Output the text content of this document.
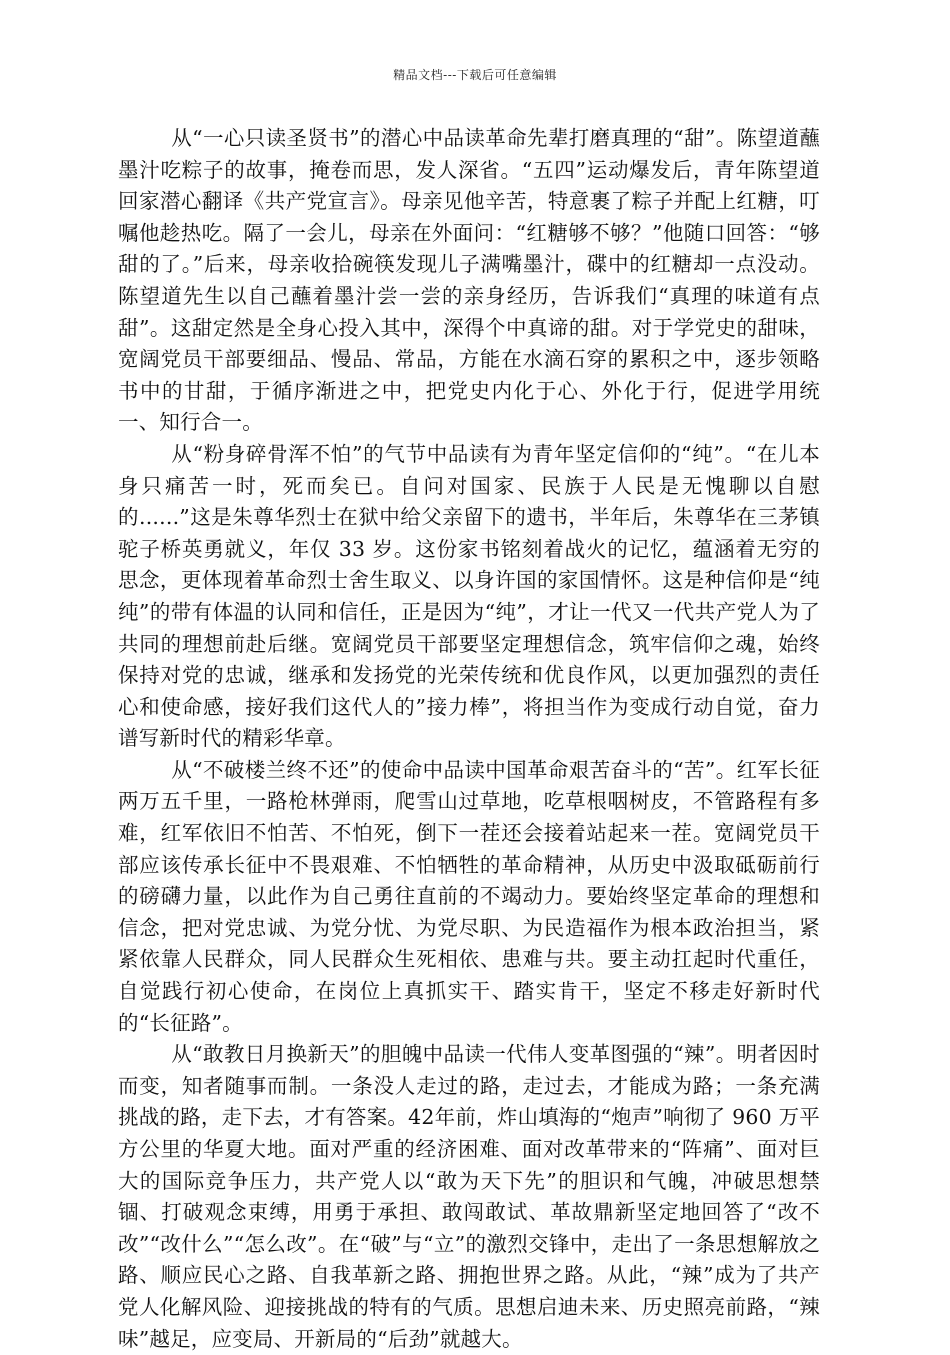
精品文档---下载后可任意编辑

从“一心只读圣贤书”的潜心中品读革命先辈打磨真理的“甜”。陈望道蘸墨汁吃粽子的故事，掩卷而思，发人深省。“五四”运动爆发后，青年陈望道回家潜心翻译《共产党宣言》。母亲见他辛苦，特意裹了粽子并配上红糖，叮嘱他趁热吃。隔了一会儿，母亲在外面问：“红糖够不够？”他随口回答：“够甜的了。”后来，母亲收拾碗筷发现儿子满嘴墨汁，碟中的红糖却一点没动。陈望道先生以自己蘸着墨汁尝一尝的亲身经历，告诉我们“真理的味道有点甜”。这甜定然是全身心投入其中，深得个中真谛的甜。对于学党史的甜味，宽阔党员干部要细品、慢品、常品，方能在水滴石穿的累积之中，逐步领略书中的甘甜，于循序渐进之中，把党史内化于心、外化于行，促进学用统一、知行合一。

从“粉身碎骨浑不怕”的气节中品读有为青年坚定信仰的“纯”。“在儿本身只痛苦一时，死而矣已。自问对国家、民族于人民是无愧聊以自慰的......”这是朱尊华烈士在狱中给父亲留下的遗书，半年后，朱尊华在三茅镇驼子桥英勇就义，年仅 33 岁。这份家书铭刻着战火的记忆，蕴涵着无穷的思念，更体现着革命烈士舍生取义、以身许国的家国情怀。这是种信仰是“纯纯”的带有体温的认同和信任，正是因为“纯”，才让一代又一代共产党人为了共同的理想前赴后继。宽阔党员干部要坚定理想信念，筑牢信仰之魂，始终保持对党的忠诚，继承和发扬党的光荣传统和优良作风，以更加强烈的责任心和使命感，接好我们这代人的”接力棒”，将担当作为变成行动自觉，奋力谱写新时代的精彩华章。

从“不破楼兰终不还”的使命中品读中国革命艰苦奋斗的“苦”。红军长征两万五千里，一路枪林弹雨，爬雪山过草地，吃草根咽树皮，不管路程有多难，红军依旧不怕苦、不怕死，倒下一茬还会接着站起来一茬。宽阔党员干部应该传承长征中不畏艰难、不怕牺牲的革命精神，从历史中汲取砥砺前行的磅礴力量，以此作为自己勇往直前的不竭动力。要始终坚定革命的理想和信念，把对党忠诚、为党分忧、为党尽职、为民造福作为根本政治担当，紧紧依靠人民群众，同人民群众生死相依、患难与共。要主动扛起时代重任，自觉践行初心使命，在岗位上真抓实干、踏实肯干，坚定不移走好新时代的“长征路”。

从“敢教日月换新天”的胆魄中品读一代伟人变革图强的“辣”。明者因时而变，知者随事而制。一条没人走过的路，走过去，才能成为路；一条充满挑战的路，走下去，才有答案。42年前，炸山填海的“炮声”响彻了 960 万平方公里的华夏大地。面对严重的经济困难、面对改革带来的“阵痛”、面对巨大的国际竞争压力，共产党人以“敢为天下先”的胆识和气魄，冲破思想禁锢、打破观念束缚，用勇于承担、敢闯敢试、革故鼎新坚定地回答了“改不改”“改什么”“怎么改”。在“破”与“立”的激烈交锋中，走出了一条思想解放之路、顺应民心之路、自我革新之路、拥抱世界之路。从此，“辣”成为了共产党人化解风险、迎接挑战的特有的气质。思想启迪未来、历史照亮前路，“辣味”越足，应变局、开新局的“后劲”就越大。
